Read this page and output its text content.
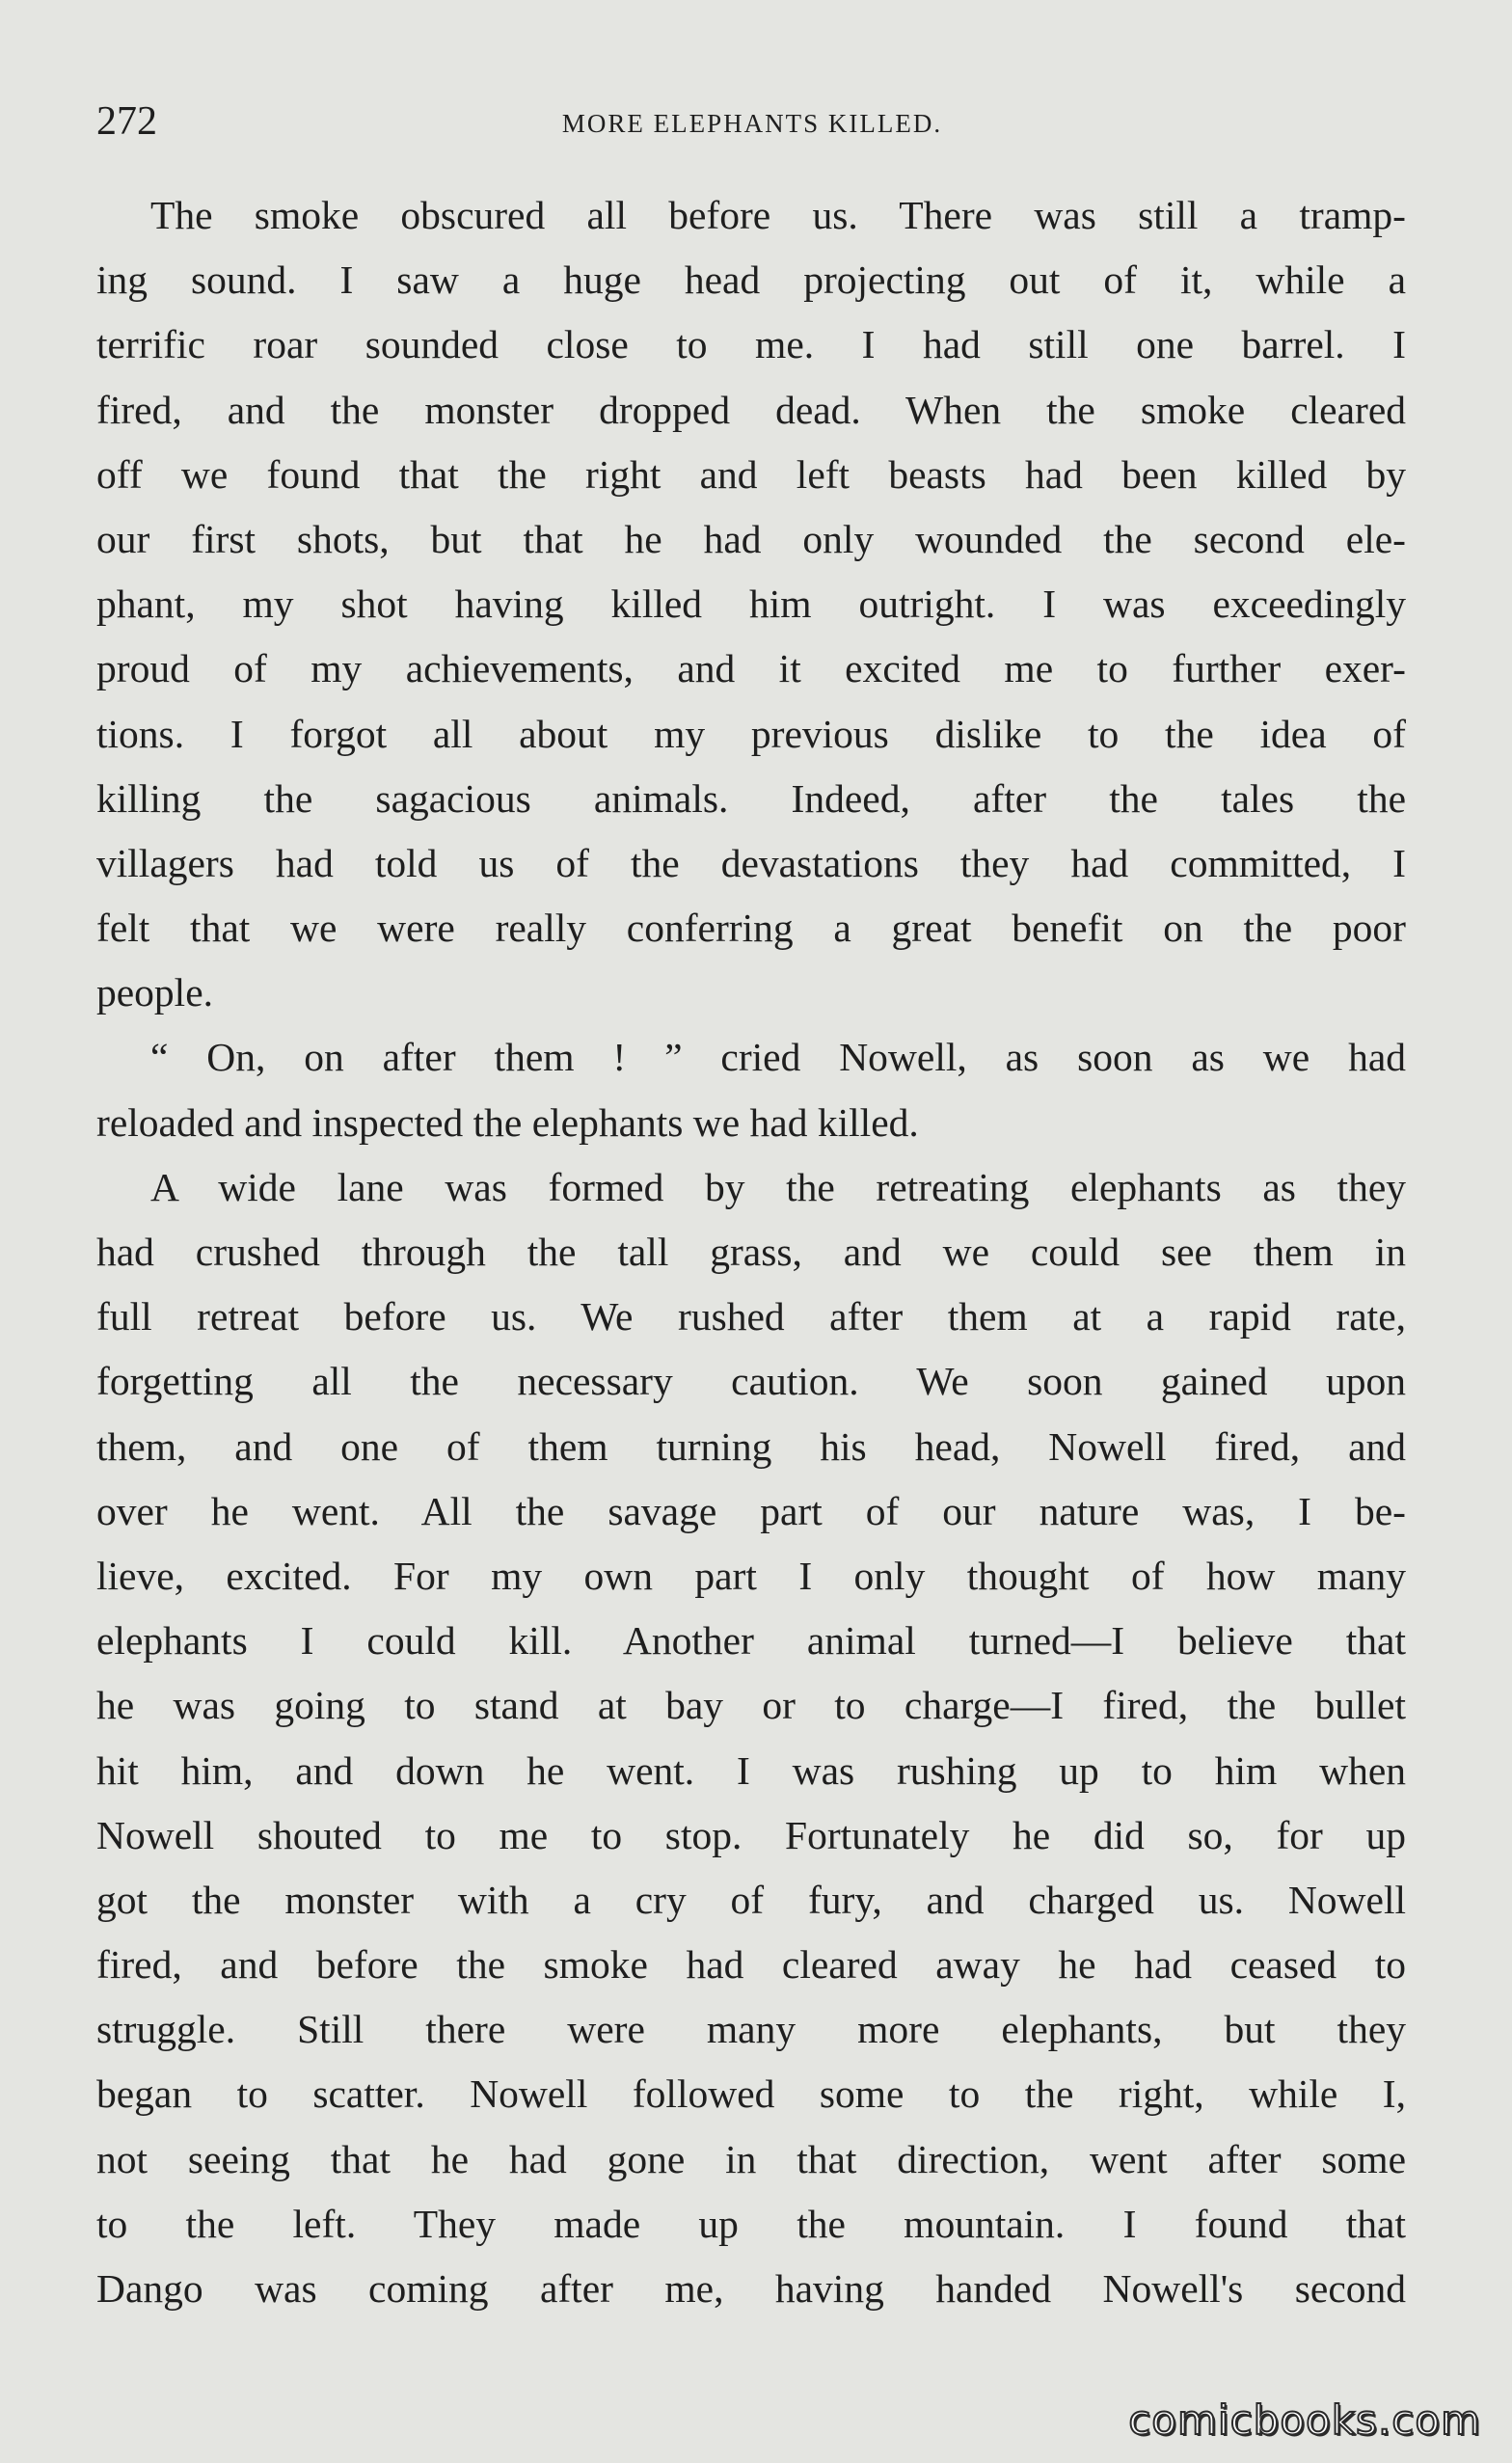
272	MORE ELEPHANTS KILLED.
The smoke obscured all before us. There was still a tramp-
ing sound. I saw a huge head projecting out of it, while a
terrific roar sounded close to me. I had still one barrel. I
fired, and the monster dropped dead. When the smoke cleared
off we found that the right and left beasts had been killed by
our first shots, but that he had only wounded the second ele-
phant, my shot having killed him outright. I was exceedingly
proud of my achievements, and it excited me to further exer-
tions. I forgot all about my previous dislike to the idea of
killing the sagacious animals. Indeed, after the tales the
villagers had told us of the devastations they had committed, I
felt that we were really conferring a great benefit on the poor
people.
“ On, on after them ! ” cried Nowell, as soon as we had
reloaded and inspected the elephants we had killed.
A wide lane was formed by the retreating elephants as they
had crushed through the tall grass, and we could see them in
full retreat before us. We rushed after them at a rapid rate,
forgetting all the necessary caution. We soon gained upon
them, and one of them turning his head, Nowell fired, and
over he went. All the savage part of our nature was, I be-
lieve, excited. For my own part I only thought of how many
elephants I could kill. Another animal turned—I believe that
he was going to stand at bay or to charge—I fired, the bullet
hit him, and down he went. I was rushing up to him when
Nowell shouted to me to stop. Fortunately he did so, for up
got the monster with a cry of fury, and charged us. Nowell
fired, and before the smoke had cleared away he had ceased to
struggle. Still there were many more elephants, but they
began to scatter. Nowell followed some to the right, while I,
not seeing that he had gone in that direction, went after some
to the left. They made up the mountain. I found that
Dango was coming after me, having handed Nowell's second
comicbooks.com
